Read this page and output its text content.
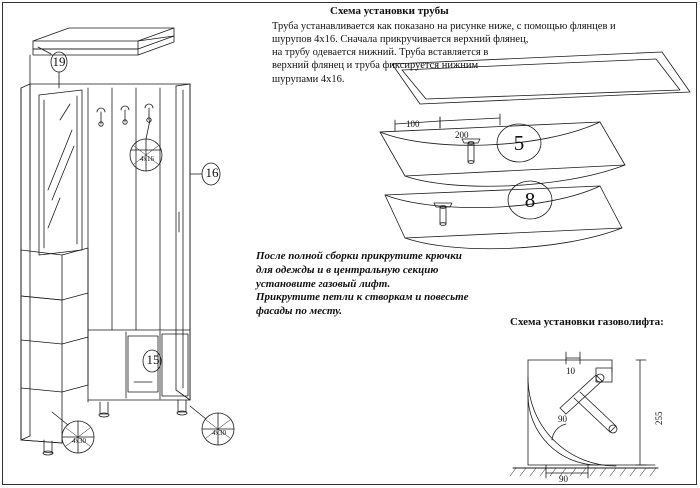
Схема установки трубы
Труба устанавливается как показано на рисунке ниже, с помощью флянцев и
шурупов 4х16. Сначала прикручивается верхний флянец,
на трубу одевается нижний. Труба вставляется в
верхний флянец и труба фиксируется нижним
шурупами 4х16.
После полной сборки прикрутите крючки
для одежды и в центральную секцию
установите газовый лифт.
Прикрутите петли к створкам и повесьте
фасады по месту.
Схема установки газоволифта:
19
16
15
4х16
4х30
4х30
100
200	5
8
10
90	255
90
